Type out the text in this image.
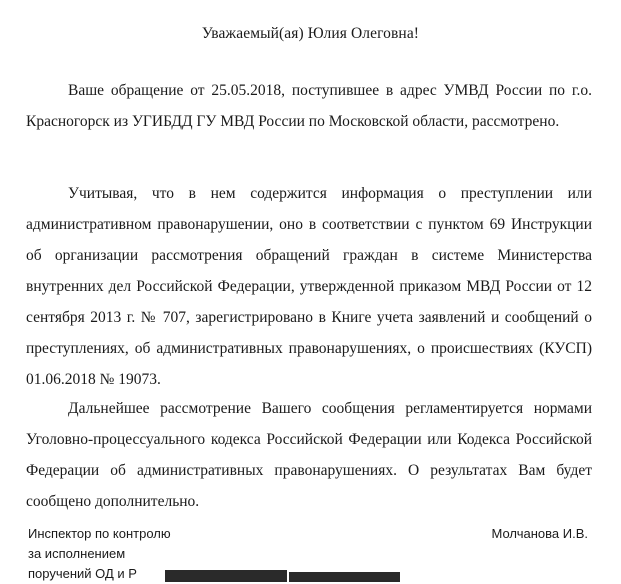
Уважаемый(ая) Юлия Олеговна!

Ваше обращение от 25.05.2018, поступившее в адрес УМВД России по г.о. Красногорск из УГИБДД ГУ МВД России по Московской области, рассмотрено.

Учитывая, что в нем содержится информация о преступлении или административном правонарушении, оно в соответствии с пунктом 69 Инструкции об организации рассмотрения обращений граждан в системе Министерства внутренних дел Российской Федерации, утвержденной приказом МВД России от 12 сентября 2013 г. № 707, зарегистрировано в Книге учета заявлений и сообщений о преступлениях, об административных правонарушениях, о происшествиях (КУСП) 01.06.2018 № 19073.

Дальнейшее рассмотрение Вашего сообщения регламентируется нормами Уголовно-процессуального кодекса Российской Федерации или Кодекса Российской Федерации об административных правонарушениях. О результатах Вам будет сообщено дополнительно.

Инспектор по контролю
за исполнением
поручений ОД и Р
Молчанова И.В.
